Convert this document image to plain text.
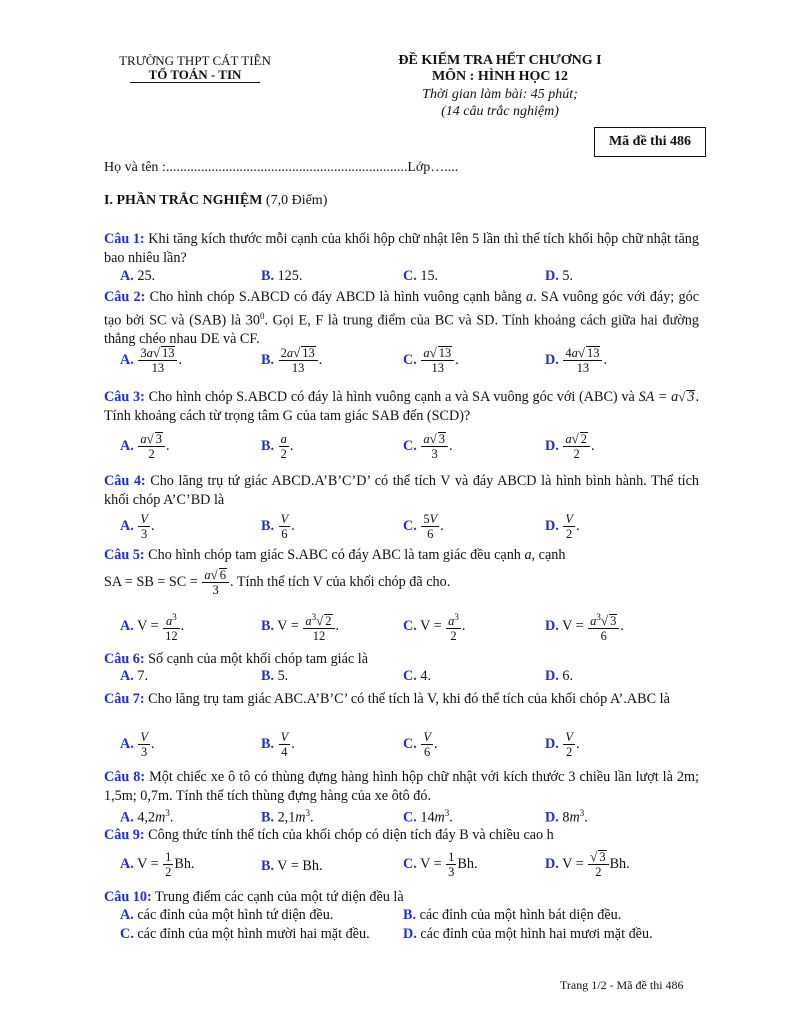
TRƯỜNG THPT CÁT TIÊN
TỔ TOÁN - TIN
ĐỀ KIỂM TRA HẾT CHƯƠNG I
MÔN : HÌNH HỌC 12
Thời gian làm bài: 45 phút;
(14 câu trắc nghiệm)
Mã đề thi 486
Họ và tên :.....................................................................Lớp…....
I. PHẦN TRẮC NGHIỆM (7,0 Điểm)
Câu 1: Khi tăng kích thước mỗi cạnh của khối hộp chữ nhật lên 5 lần thì thể tích khối hộp chữ nhật tăng bao nhiêu lần?
A. 25.	B. 125.	C. 15.	D. 5.
Câu 2: Cho hình chóp S.ABCD có đáy ABCD là hình vuông cạnh bằng a. SA vuông góc với đáy; góc tạo bởi SC và (SAB) là $30^0$. Gọi E, F là trung điểm của BC và SD. Tính khoảng cách giữa hai đường thẳng chéo nhau DE và CF.
A. $\frac{3a√ 13}{13}$ .	B. $\frac{2a√ 13}{13}$ .	C. $\frac{a√ 13}{13}$ .	D. $\frac{4a√ 13}{13}$ .
Câu 3: Cho hình chóp S.ABCD có đáy là hình vuông cạnh a và SA vuông góc với (ABC) và SA = a√ 3. Tính khoảng cách từ trọng tâm G của tam giác SAB đến (SCD)?
A. $\frac{a√ 3}{2}$ .	B. $\frac{a}{2}$ .	C. $\frac{a√ 3}{3}$ .	D. $\frac{a√ 2}{2}$ .
Câu 4: Cho lăng trụ tứ giác ABCD.A’B’C’D’ có thể tích V và đáy ABCD là hình bình hành. Thể tích khối chóp A’C’BD là
A. $\frac{V}{3}$ .	B. $\frac{V}{6}$ .	C. $\frac{5V}{6}$ .	D. $\frac{V}{2}$ .
Câu 5: Cho hình chóp tam giác S.ABC có đáy ABC là tam giác đều cạnh a, cạnh
SA = SB = SC = $\frac{a√ 6}{3}$ . Tính thể tích V của khối chóp đã cho.
A. $V = \frac{a^3}{12}$ .	B. $V = \frac{a^3√ 2}{12}$ .	C. $V = \frac{a^3}{2}$ .	D. $V = \frac{a^3√ 3}{6}$ .
Câu 6: Số cạnh của một khối chóp tam giác là
A. 7.	B. 5.	C. 4.	D. 6.
Câu 7: Cho lăng trụ tam giác ABC.A’B’C’ có thể tích là V, khi đó thể tích của khối chóp A’.ABC là
A. $\frac{V}{3}$ .	B. $\frac{V}{4}$ .	C. $\frac{V}{6}$ .	D. $\frac{V}{2}$ .
Câu 8: Một chiếc xe ô tô có thùng đựng hàng hình hộp chữ nhật với kích thước 3 chiều lần lượt là 2m; 1,5m; 0,7m. Tính thể tích thùng đựng hàng của xe ôtô đó.
A. $4,2m^3$.	B. $2,1m^3$.	C. $14m^3$.	D. $8m^3$.
Câu 9: Công thức tính thể tích của khối chóp có diện tích đáy B và chiều cao h
A. $V = \frac{1}{2} Bh$.	B. V = Bh.	C. $V = \frac{1}{3} Bh$.	D. $V = \frac{√ 3}{2} Bh$.
Câu 10: Trung điểm các cạnh của một tứ diện đều là
A. các đỉnh của một hình tứ diện đều.	B. các đỉnh của một hình bát diện đều.
C. các đỉnh của một hình mười hai mặt đều. D. các đỉnh của một hình hai mươi mặt đều.
Trang 1/2 - Mã đề thi 486
